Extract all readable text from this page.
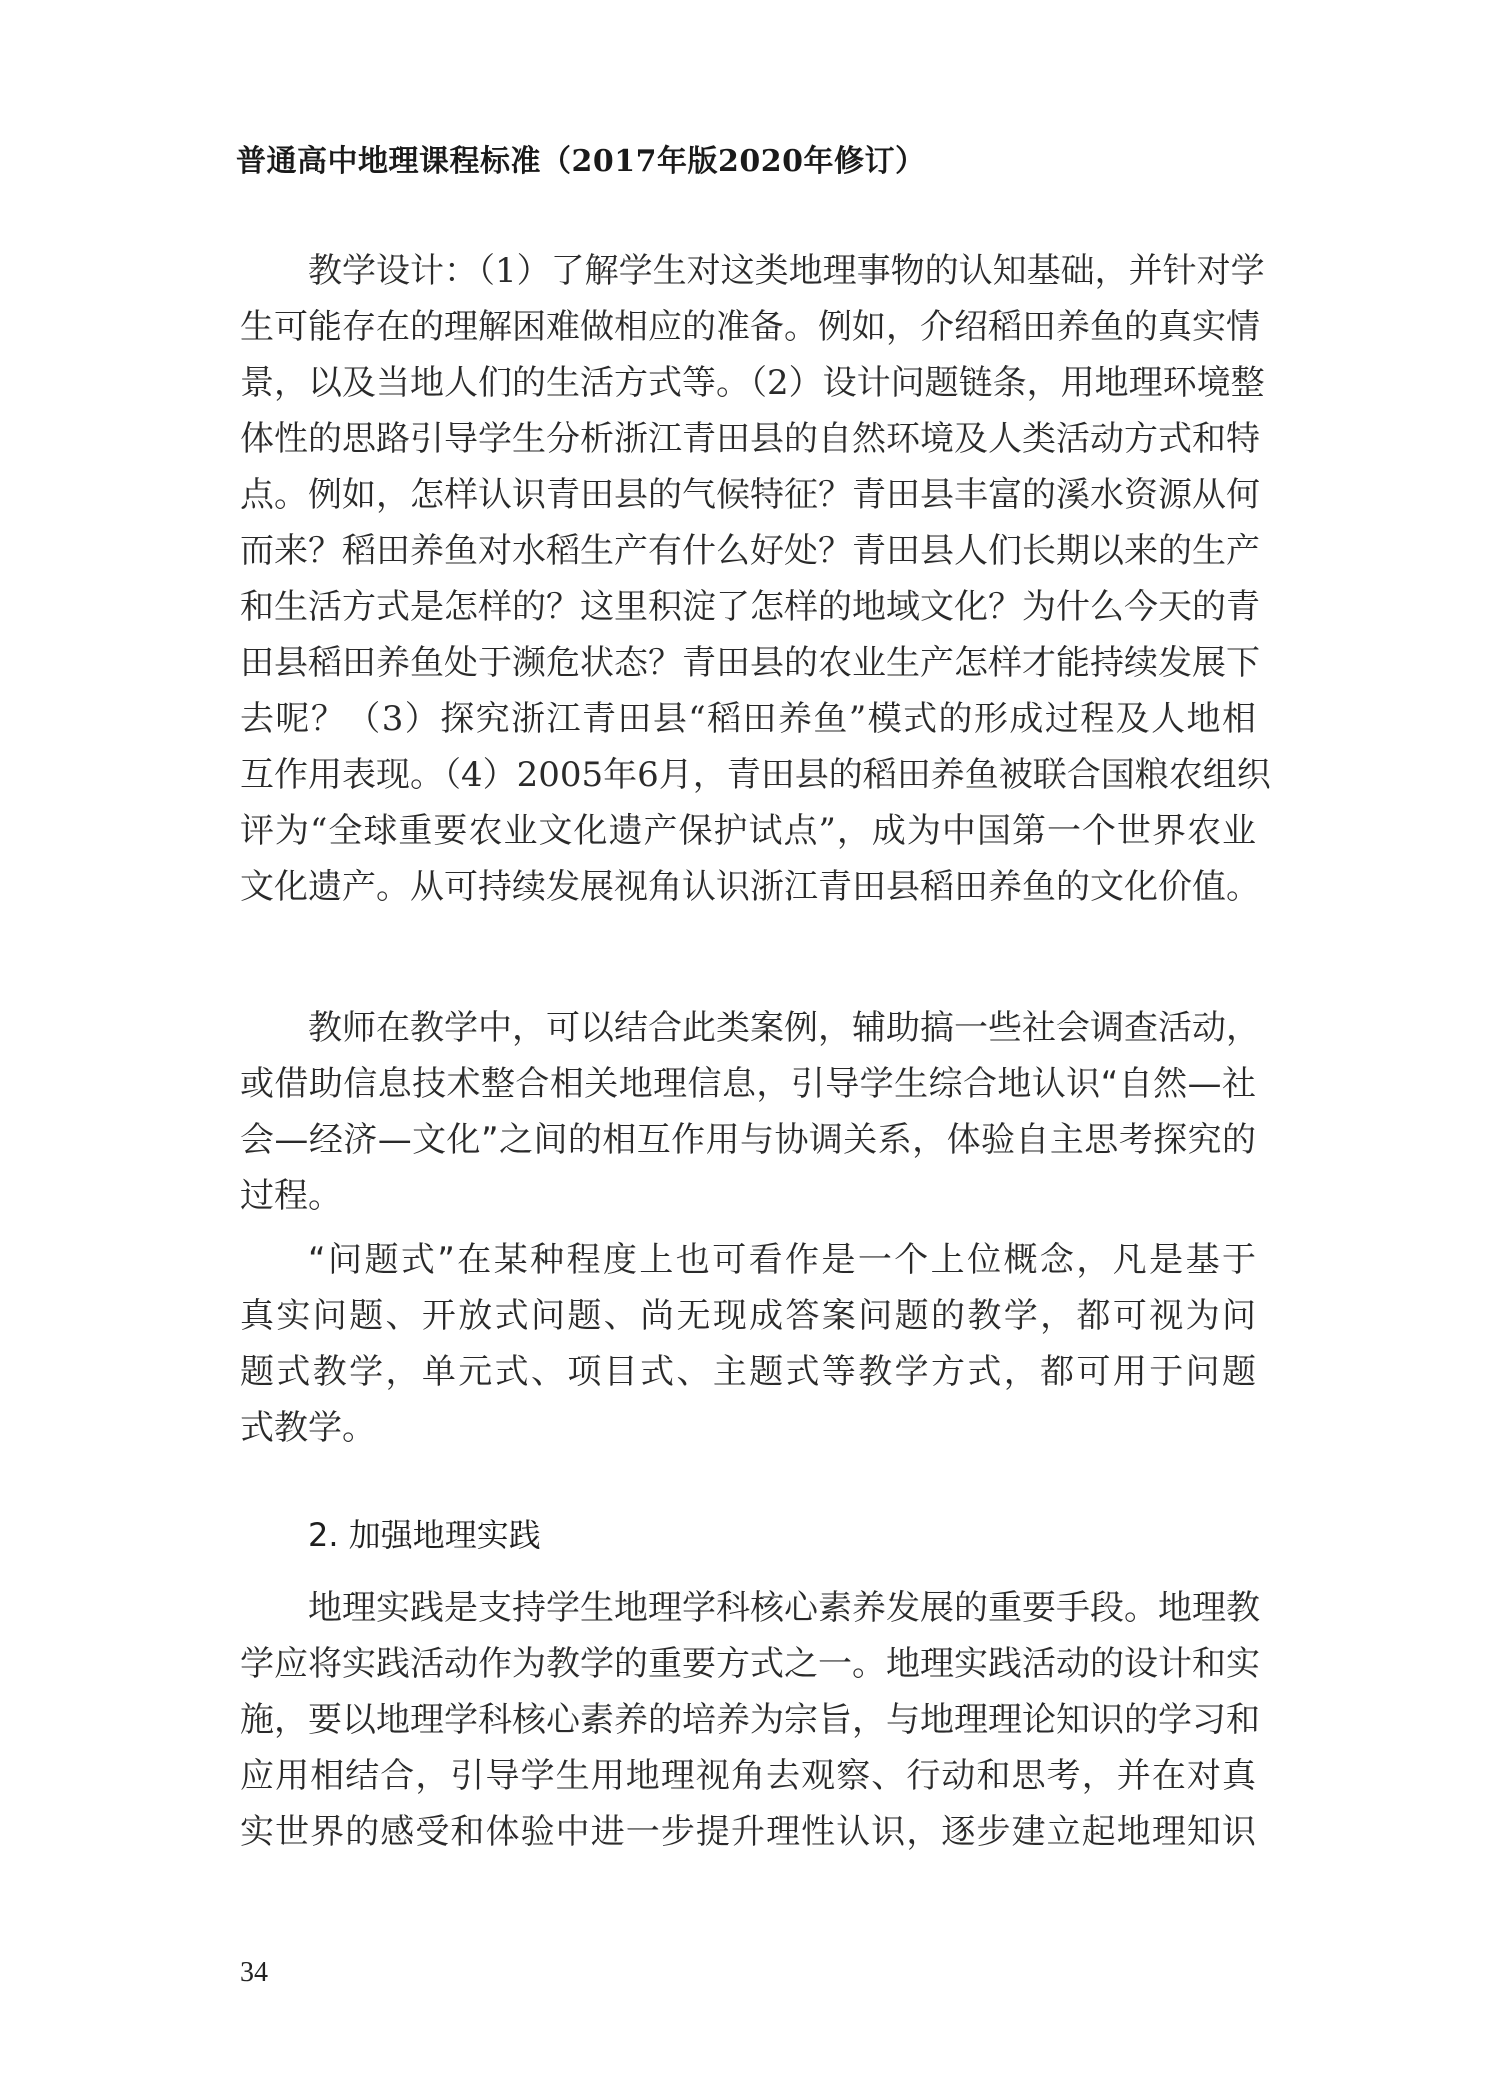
普通高中地理课程标准（2017年版2020年修订）
教学设计：（1）了解学生对这类地理事物的认知基础，并针对学
生可能存在的理解困难做相应的准备。例如，介绍稻田养鱼的真实情
景，以及当地人们的生活方式等。（2）设计问题链条，用地理环境整
体性的思路引导学生分析浙江青田县的自然环境及人类活动方式和特
点。例如，怎样认识青田县的气候特征？青田县丰富的溪水资源从何
而来？稻田养鱼对水稻生产有什么好处？青田县人们长期以来的生产
和生活方式是怎样的？这里积淀了怎样的地域文化？为什么今天的青
田县稻田养鱼处于濒危状态？青田县的农业生产怎样才能持续发展下
去呢？（3）探究浙江青田县“稻田养鱼”模式的形成过程及人地相
互作用表现。（4）2005年6月，青田县的稻田养鱼被联合国粮农组织
评为“全球重要农业文化遗产保护试点”，成为中国第一个世界农业
文化遗产。从可持续发展视角认识浙江青田县稻田养鱼的文化价值。
教师在教学中，可以结合此类案例，辅助搞一些社会调查活动，
或借助信息技术整合相关地理信息，引导学生综合地认识“自然—社
会—经济—文化”之间的相互作用与协调关系，体验自主思考探究的
过程。
“问题式”在某种程度上也可看作是一个上位概念，凡是基于
真实问题、开放式问题、尚无现成答案问题的教学，都可视为问
题式教学，单元式、项目式、主题式等教学方式，都可用于问题
式教学。
2. 加强地理实践
地理实践是支持学生地理学科核心素养发展的重要手段。地理教
学应将实践活动作为教学的重要方式之一。地理实践活动的设计和实
施，要以地理学科核心素养的培养为宗旨，与地理理论知识的学习和
应用相结合，引导学生用地理视角去观察、行动和思考，并在对真
实世界的感受和体验中进一步提升理性认识，逐步建立起地理知识
34
